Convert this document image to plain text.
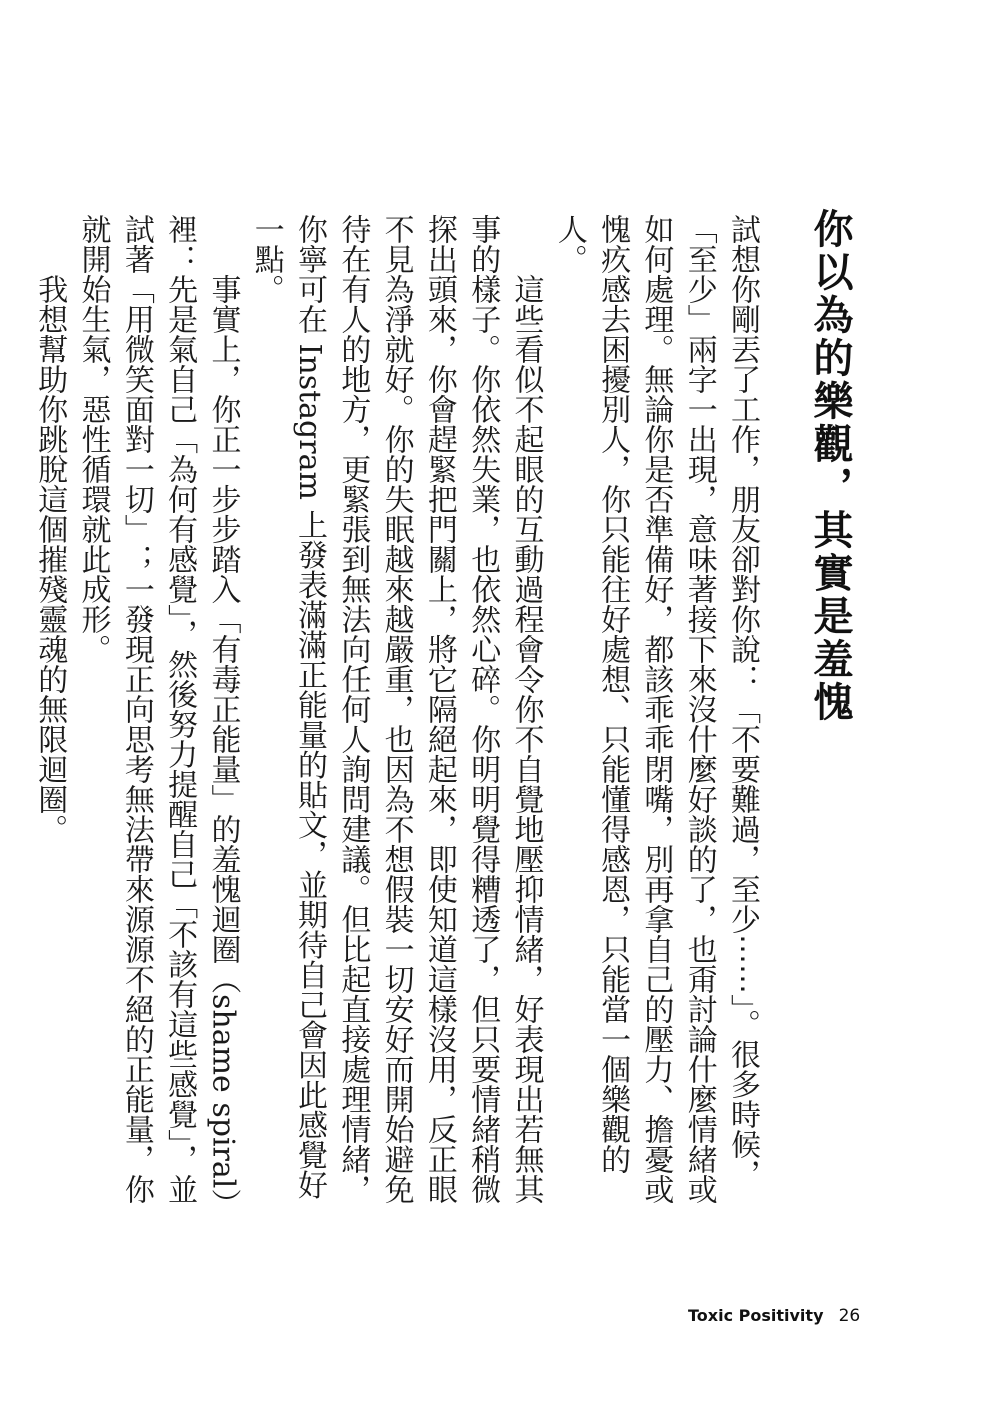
你以為的樂觀，其實是羞愧

試想你剛丟了工作，朋友卻對你說：「不要難過，至少⋯⋯」。很多時候，「至少」兩字一出現，意味著接下來沒什麼好談的了，也甭討論什麼情緒或如何處理。無論你是否準備好，都該乖乖閉嘴，別再拿自己的壓力、擔憂或愧疚感去困擾別人，你只能往好處想、只能懂得感恩，只能當一個樂觀的人。

這些看似不起眼的互動過程會令你不自覺地壓抑情緒，好表現出若無其事的樣子。你依然失業，也依然心碎。你明明覺得糟透了，但只要情緒稍微探出頭來，你會趕緊把門關上，將它隔絕起來，即使知道這樣沒用，反正眼不見為淨就好。你的失眠越來越嚴重，也因為不想假裝一切安好而開始避免待在有人的地方，更緊張到無法向任何人詢問建議。但比起直接處理情緒，你寧可在 Instagram 上發表滿滿正能量的貼文，並期待自己會因此感覺好一點。

事實上，你正一步步踏入「有毒正能量」的羞愧迴圈（shame spiral）裡：先是氣自己「為何有感覺」，然後努力提醒自己「不該有這些感覺」，並試著「用微笑面對一切」；一發現正向思考無法帶來源源不絕的正能量，你就開始生氣，惡性循環就此成形。

我想幫助你跳脫這個摧殘靈魂的無限迴圈。

Toxic Positivity 26
